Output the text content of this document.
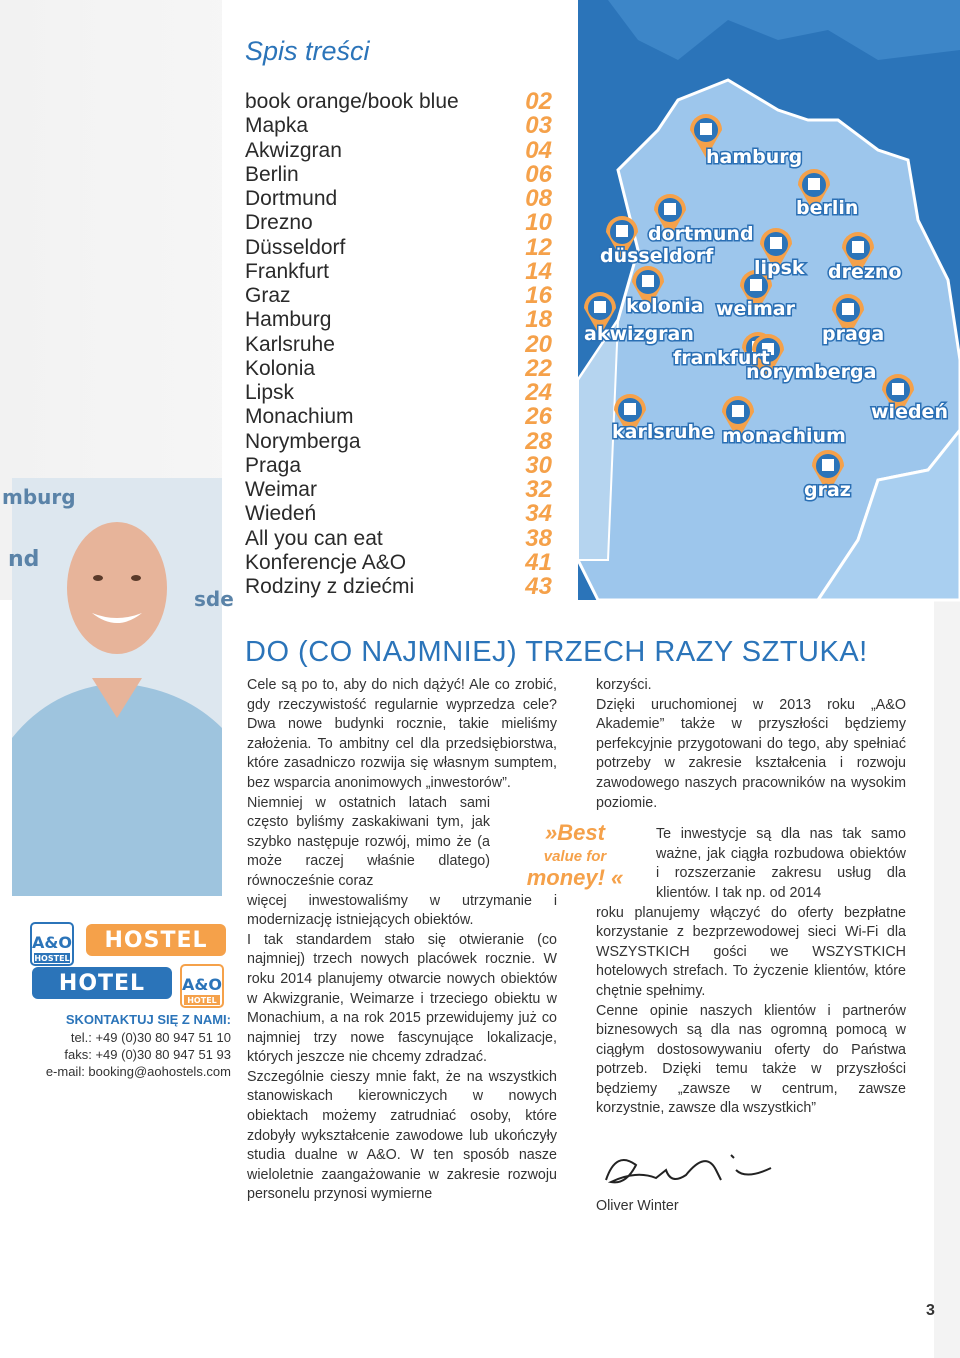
Spis treści
book orange/book blue	02
Mapka	03
Akwizgran	04
Berlin	06
Dortmund	08
Drezno	10
Düsseldorf	12
Frankfurt	14
Graz	16
Hamburg	18
Karlsruhe	20
Kolonia	22
Lipsk	24
Monachium	26
Norymberga	28
Praga	30
Weimar	32
Wiedeń	34
All you can eat	38
Konferencje A&O	41
Rodziny z dziećmi	43
hamburg
berlin
dortmund
düsseldorf
lipsk drezno
kolonia weimar
akwizgran	praga
frankfurt
norymberga
wiedeń
karlsruhe monachium
graz
mburg
nd
sde
A&O
HOSTEL
HOSTEL
HOTEL	A&O
HOTEL
SKONTAKTUJ SIĘ Z NAMI:
tel.: +49 (0)30 80 947 51 10
faks: +49 (0)30 80 947 51 93
e-mail: booking@aohostels.com
DO (CO NAJMNIEJ) TRZECH RAZY SZTUKA!

Cele są po to, aby do nich dążyć! Ale co zrobić, gdy rzeczywistość regularnie wyprzedza cele? Dwa nowe budynki rocznie, takie mieliśmy założenia. To ambitny cel dla przedsiębiorstwa, które zasadniczo rozwija się własnym sumptem, bez wsparcia anonimowych „inwestorów”.

Niemniej w ostatnich latach sami często byliśmy zaskakiwani tym, jak szybko następuje rozwój, mimo że (a może raczej właśnie dlatego) równocześnie coraz

więcej inwestowaliśmy w utrzymanie i modernizację istniejących obiektów.

I tak standardem stało się otwieranie (co najmniej) trzech nowych placówek rocznie. W roku 2014 planujemy otwarcie nowych obiektów w Akwizgranie, Weimarze i trzeciego obiektu w Monachium, a na rok 2015 przewidujemy już co najmniej trzy nowe fascynujące lokalizacje, których jeszcze nie chcemy zdradzać.

Szczególnie cieszy mnie fakt, że na wszystkich stanowiskach kierowniczych w nowych obiektach możemy zatrudniać osoby, które zdobyły wykształcenie zawodowe lub ukończyły studia dualne w A&O. W ten sposób nasze wieloletnie zaangażowanie w zakresie rozwoju personelu przynosi wymierne

»Best
value for
money! «

korzyści.

Dzięki uruchomionej w 2013 roku „A&O Akademie” także w przyszłości będziemy perfekcyjnie przygotowani do tego, aby spełniać potrzeby w zakresie kształcenia i rozwoju zawodowego naszych pracowników na wysokim poziomie.

Te inwestycje są dla nas tak samo ważne, jak ciągła rozbudowa obiektów i rozszerzanie zakresu usług dla klientów. I tak np. od 2014

roku planujemy włączyć do oferty bezpłatne korzystanie z bezprzewodowej sieci Wi-Fi dla WSZYSTKICH gości we WSZYSTKICH hotelowych strefach. To życzenie klientów, które chętnie spełnimy.

Cenne opinie naszych klientów i partnerów biznesowych są dla nas ogromną pomocą w ciągłym dostosowywaniu oferty do Państwa potrzeb. Dzięki temu także w przyszłości będziemy „zawsze w centrum, zawsze korzystnie, zawsze dla wszystkich”

Oliver Winter
3
